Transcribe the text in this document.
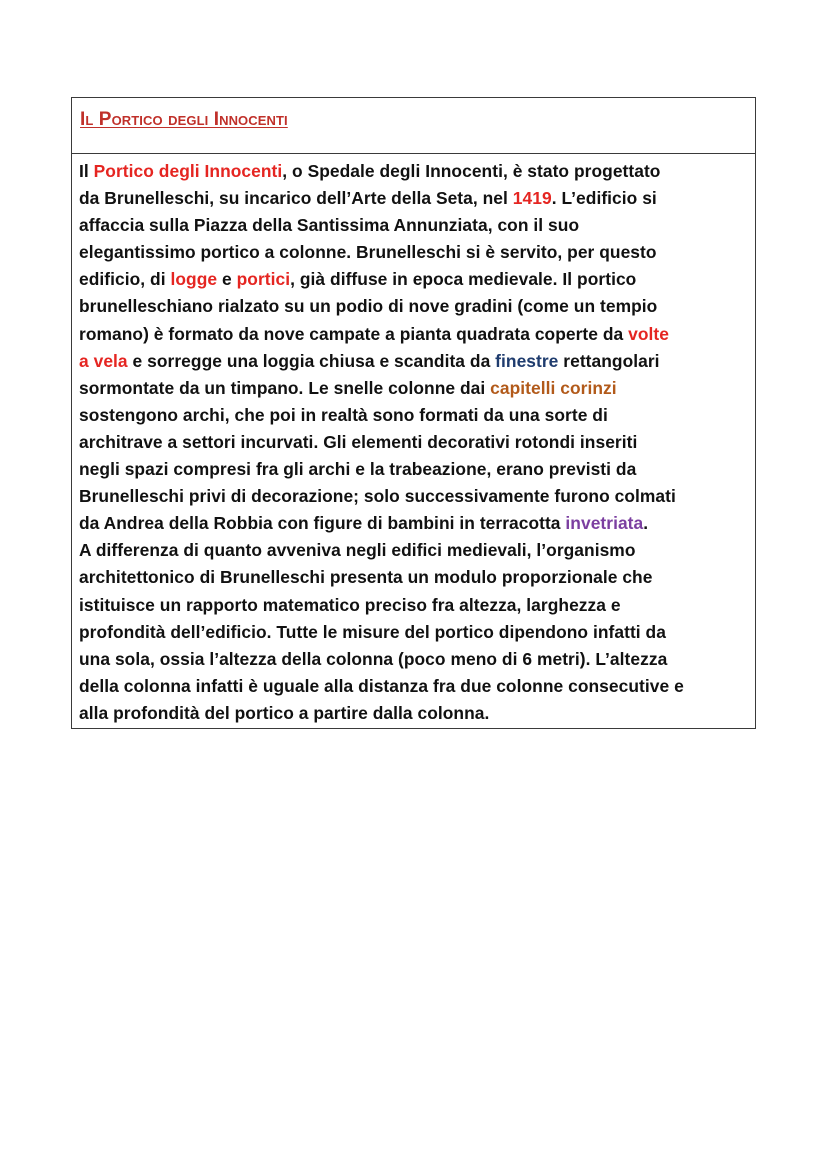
Il Portico degli Innocenti
Il Portico degli Innocenti, o Spedale degli Innocenti, è stato progettato
da Brunelleschi, su incarico dell’Arte della Seta, nel 1419. L’edificio si
affaccia sulla Piazza della Santissima Annunziata, con il suo
elegantissimo portico a colonne. Brunelleschi si è servito, per questo
edificio, di logge e portici, già diffuse in epoca medievale. Il portico
brunelleschiano rialzato su un podio di nove gradini (come un tempio
romano) è formato da nove campate a pianta quadrata coperte da volte
a vela e sorregge una loggia chiusa e scandita da finestre rettangolari
sormontate da un timpano. Le snelle colonne dai capitelli corinzi
sostengono archi, che poi in realtà sono formati da una sorte di
architrave a settori incurvati. Gli elementi decorativi rotondi inseriti
negli spazi compresi fra gli archi e la trabeazione, erano previsti da
Brunelleschi privi di decorazione; solo successivamente furono colmati
da Andrea della Robbia con figure di bambini in terracotta invetriata.
A differenza di quanto avveniva negli edifici medievali, l’organismo
architettonico di Brunelleschi presenta un modulo proporzionale che
istituisce un rapporto matematico preciso fra altezza, larghezza e
profondità dell’edificio. Tutte le misure del portico dipendono infatti da
una sola, ossia l’altezza della colonna (poco meno di 6 metri). L’altezza
della colonna infatti è uguale alla distanza fra due colonne consecutive e
alla profondità del portico a partire dalla colonna.
